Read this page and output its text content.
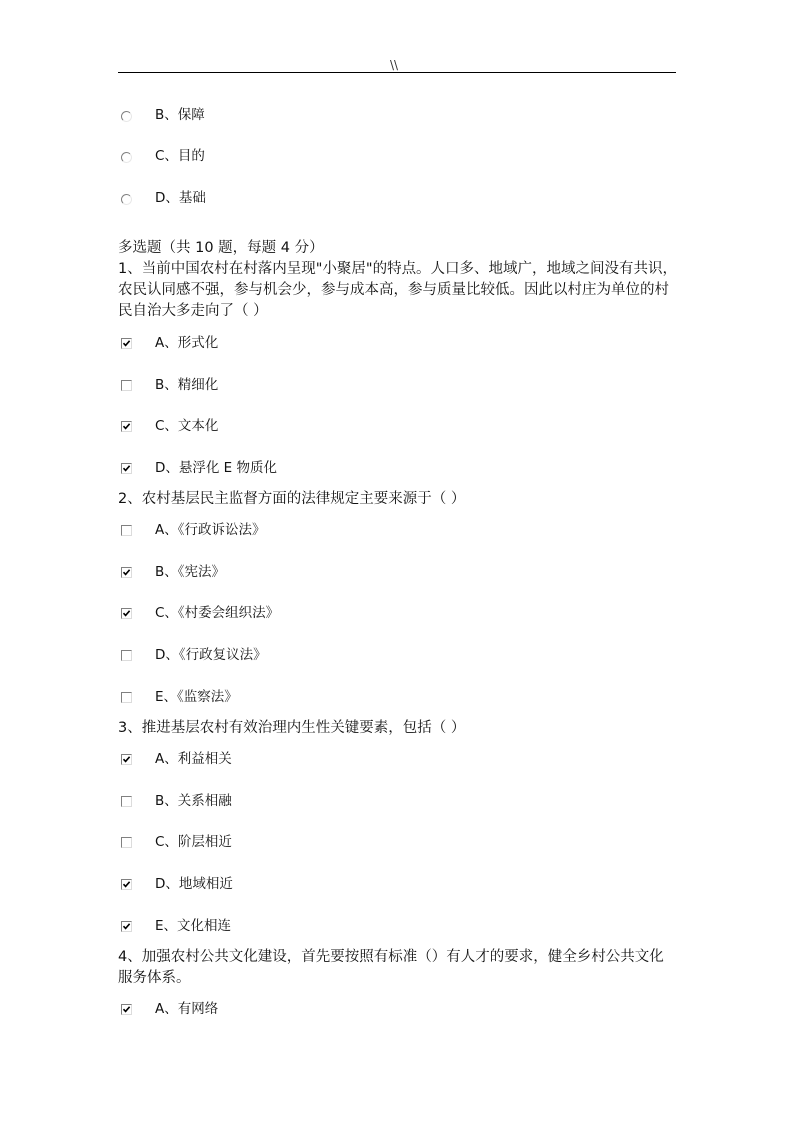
\\
B、保障
C、目的
D、基础
多选题（共 10 题，每题 4 分）
1、当前中国农村在村落内呈现"小聚居"的特点。人口多、地域广，地域之间没有共识，农民认同感不强，参与机会少，参与成本高，参与质量比较低。因此以村庄为单位的村民自治大多走向了（ ）
A、形式化
B、精细化
C、文本化
D、悬浮化 E 物质化
2、农村基层民主监督方面的法律规定主要来源于（ ）
A、《行政诉讼法》
B、《宪法》
C、《村委会组织法》
D、《行政复议法》
E、《监察法》
3、推进基层农村有效治理内生性关键要素，包括（ ）
A、利益相关
B、关系相融
C、阶层相近
D、地域相近
E、文化相连
4、加强农村公共文化建设，首先要按照有标准（）有人才的要求，健全乡村公共文化服务体系。
A、有网络
